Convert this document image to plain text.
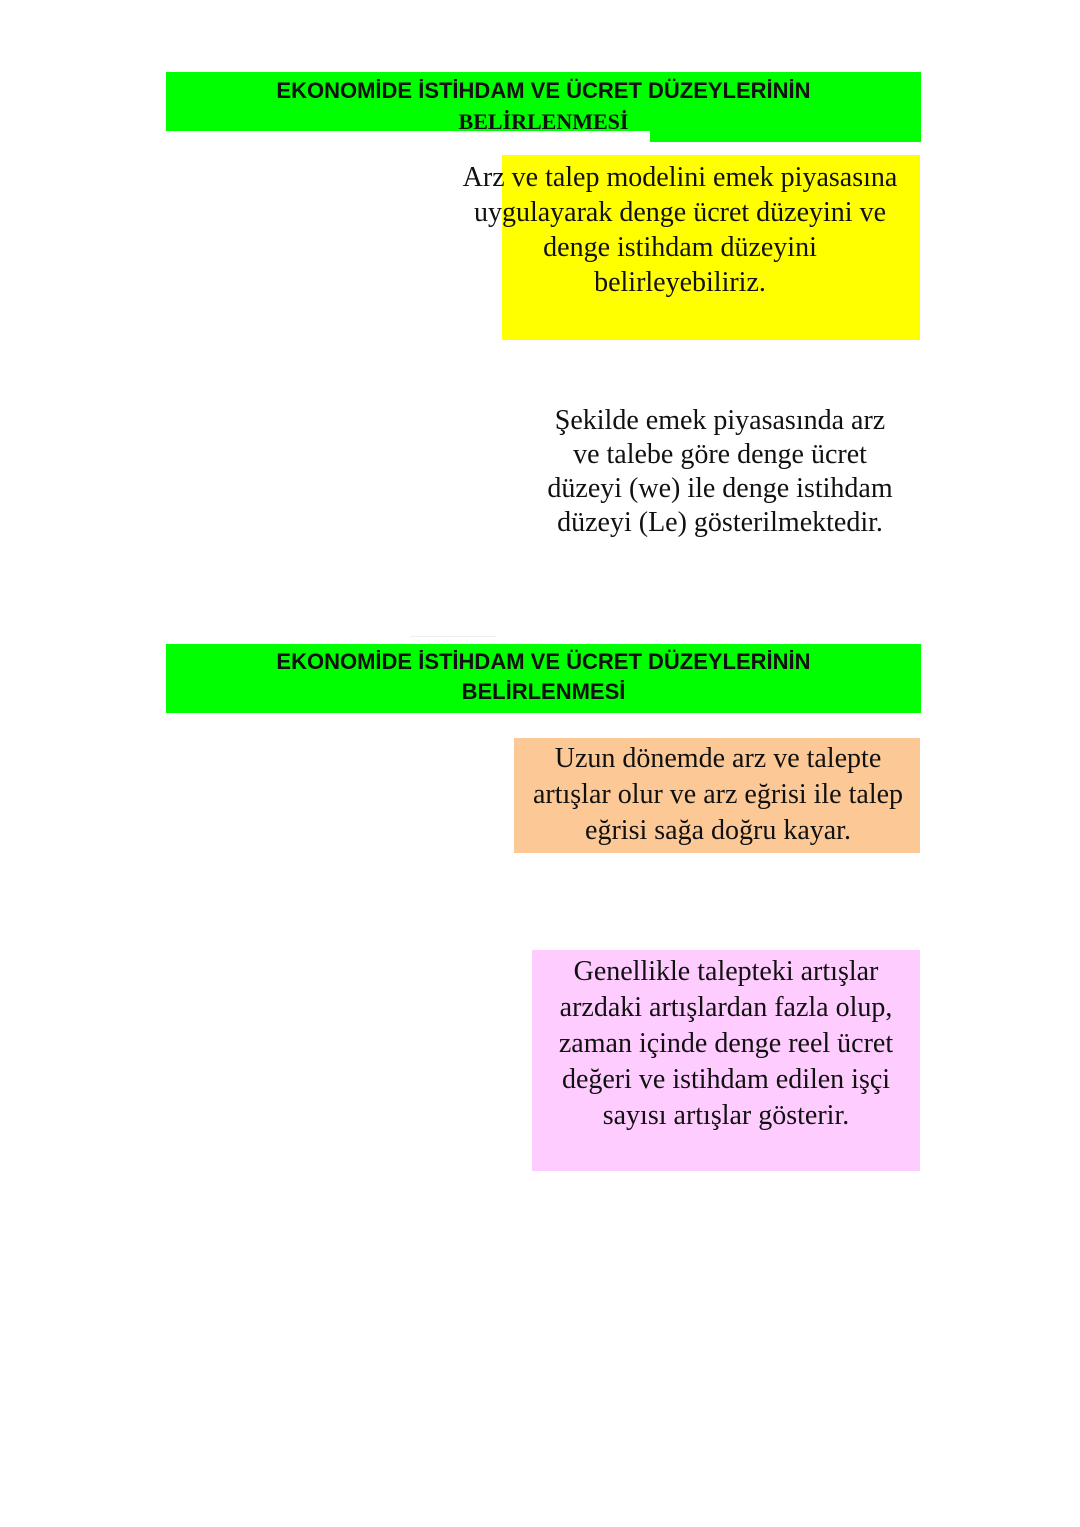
EKONOMİDE İSTİHDAM VE ÜCRET DÜZEYLERİNİN
BELİRLENMESİ
Arz ve talep modelini emek piyasasına uygulayarak denge ücret düzeyini ve denge istihdam düzeyini belirleyebiliriz.
Şekilde emek piyasasında arz ve talebe göre denge ücret düzeyi (we) ile denge istihdam düzeyi (Le) gösterilmektedir.
EKONOMİDE İSTİHDAM VE ÜCRET DÜZEYLERİNİN
BELİRLENMESİ
Uzun dönemde arz ve talepte artışlar olur ve arz eğrisi ile talep eğrisi sağa doğru kayar.
Genellikle talepteki artışlar arzdaki artışlardan fazla olup, zaman içinde denge reel ücret değeri ve istihdam edilen işçi sayısı artışlar gösterir.
